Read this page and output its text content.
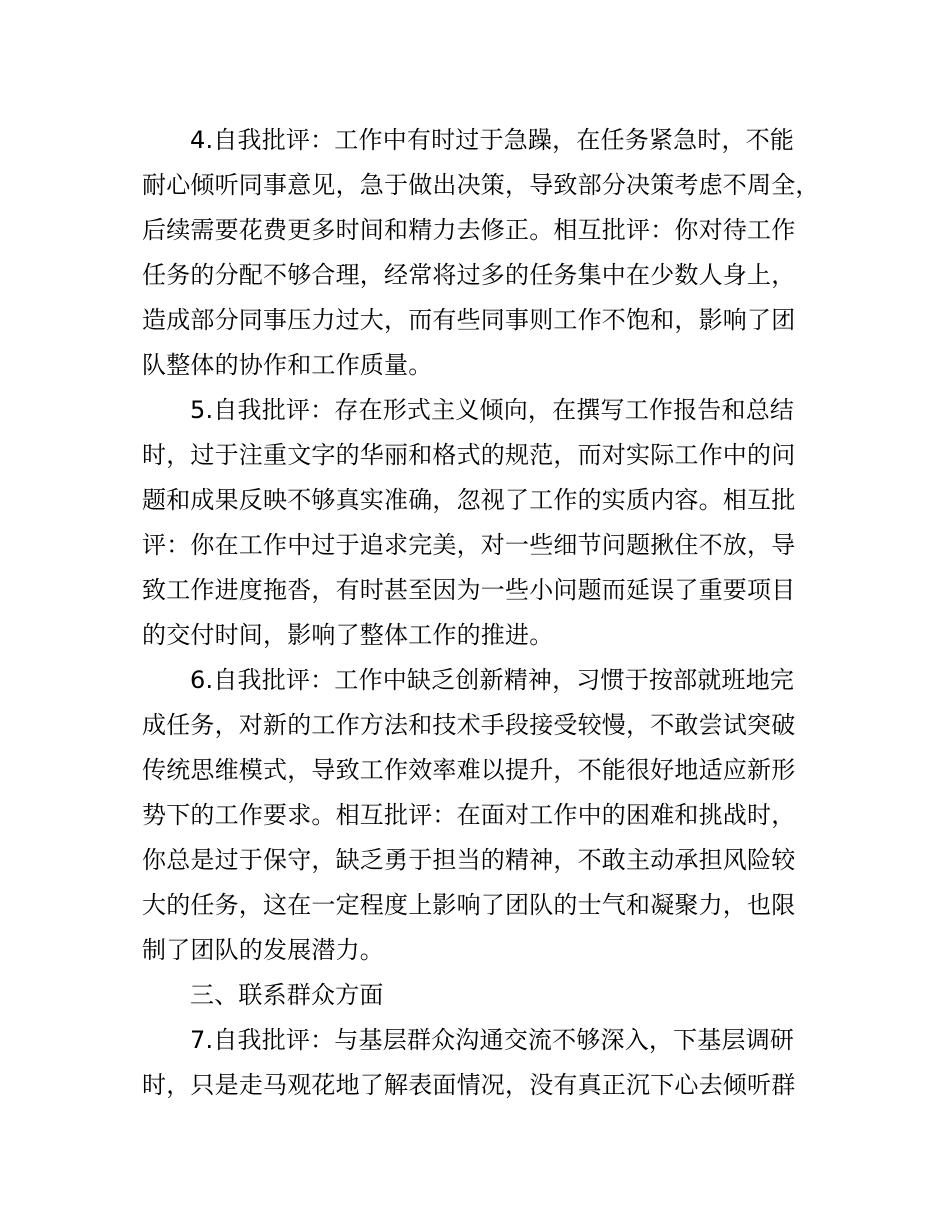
4.自我批评：工作中有时过于急躁，在任务紧急时，不能
耐心倾听同事意见，急于做出决策，导致部分决策考虑不周全，
后续需要花费更多时间和精力去修正。相互批评：你对待工作
任务的分配不够合理，经常将过多的任务集中在少数人身上，
造成部分同事压力过大，而有些同事则工作不饱和，影响了团
队整体的协作和工作质量。
5.自我批评：存在形式主义倾向，在撰写工作报告和总结
时，过于注重文字的华丽和格式的规范，而对实际工作中的问
题和成果反映不够真实准确，忽视了工作的实质内容。相互批
评：你在工作中过于追求完美，对一些细节问题揪住不放，导
致工作进度拖沓，有时甚至因为一些小问题而延误了重要项目
的交付时间，影响了整体工作的推进。
6.自我批评：工作中缺乏创新精神，习惯于按部就班地完
成任务，对新的工作方法和技术手段接受较慢，不敢尝试突破
传统思维模式，导致工作效率难以提升，不能很好地适应新形
势下的工作要求。相互批评：在面对工作中的困难和挑战时，
你总是过于保守，缺乏勇于担当的精神，不敢主动承担风险较
大的任务，这在一定程度上影响了团队的士气和凝聚力，也限
制了团队的发展潜力。
三、联系群众方面
7.自我批评：与基层群众沟通交流不够深入，下基层调研
时，只是走马观花地了解表面情况，没有真正沉下心去倾听群
